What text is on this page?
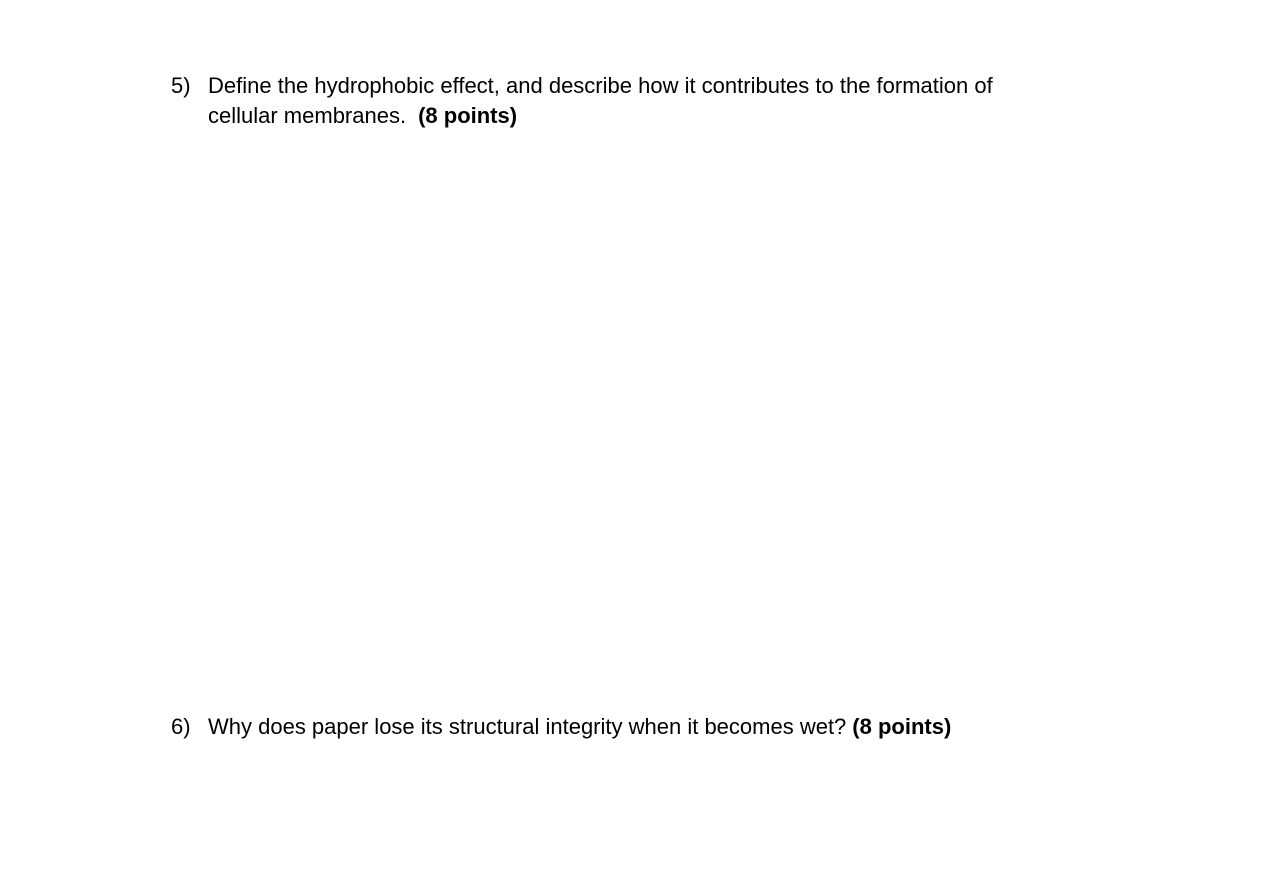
5) Define the hydrophobic effect, and describe how it contributes to the formation of
cellular membranes. (8 points)
6) Why does paper lose its structural integrity when it becomes wet? (8 points)
